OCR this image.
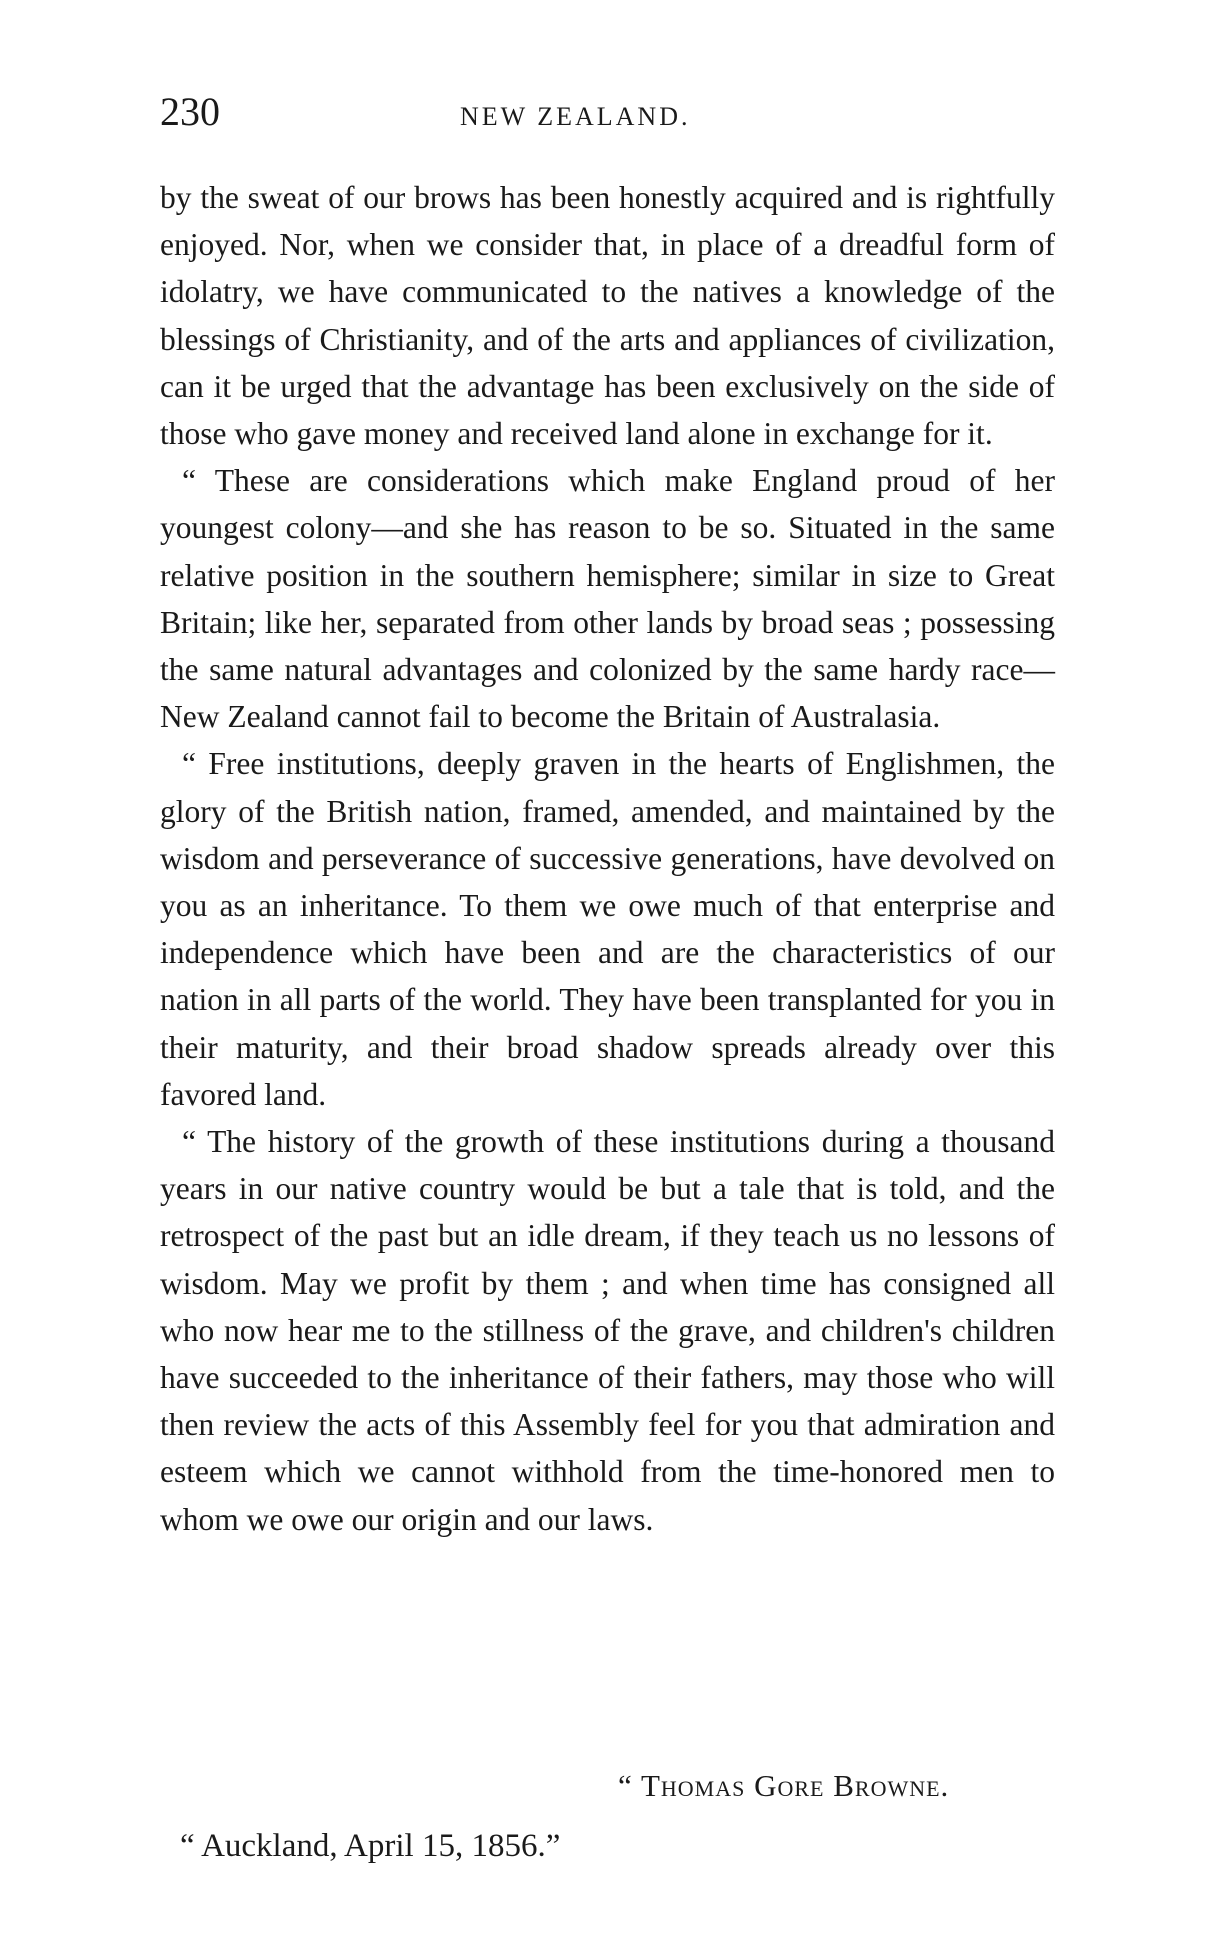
230	NEW ZEALAND.

by the sweat of our brows has been honestly acquired and is rightfully enjoyed. Nor, when we consider that, in place of a dreadful form of idolatry, we have communicated to the natives a knowledge of the blessings of Christianity, and of the arts and appliances of civilization, can it be urged that the advantage has been exclusively on the side of those who gave money and received land alone in exchange for it.

“ These are considerations which make England proud of her youngest colony—and she has reason to be so. Situated in the same relative position in the southern hemisphere; similar in size to Great Britain; like her, separated from other lands by broad seas ; possessing the same natural advantages and colonized by the same hardy race—New Zealand cannot fail to become the Britain of Australasia.

“ Free institutions, deeply graven in the hearts of Englishmen, the glory of the British nation, framed, amended, and maintained by the wisdom and perseverance of successive generations, have devolved on you as an inheritance. To them we owe much of that enterprise and independence which have been and are the characteristics of our nation in all parts of the world. They have been transplanted for you in their maturity, and their broad shadow spreads already over this favored land.

“ The history of the growth of these institutions during a thousand years in our native country would be but a tale that is told, and the retrospect of the past but an idle dream, if they teach us no lessons of wisdom. May we profit by them ; and when time has consigned all who now hear me to the stillness of the grave, and children's children have succeeded to the inheritance of their fathers, may those who will then review the acts of this Assembly feel for you that admiration and esteem which we cannot withhold from the time-honored men to whom we owe our origin and our laws.

“ Thomas Gore Browne.
“ Auckland, April 15, 1856.”
